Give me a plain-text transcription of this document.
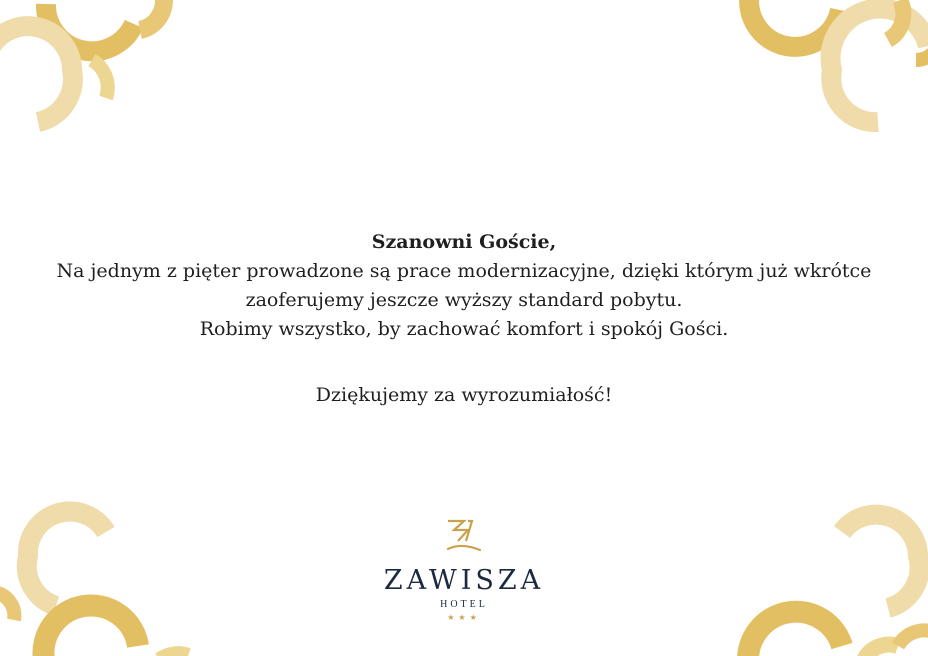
Szanowni Goście,

Na jednym z pięter prowadzone są prace modernizacyjne, dzięki którym już wkrótce

zaoferujemy jeszcze wyższy standard pobytu.

Robimy wszystko, by zachować komfort i spokój Gości.

Dziękujemy za wyrozumiałość!

ZAWISZA
HOTEL
★★★
